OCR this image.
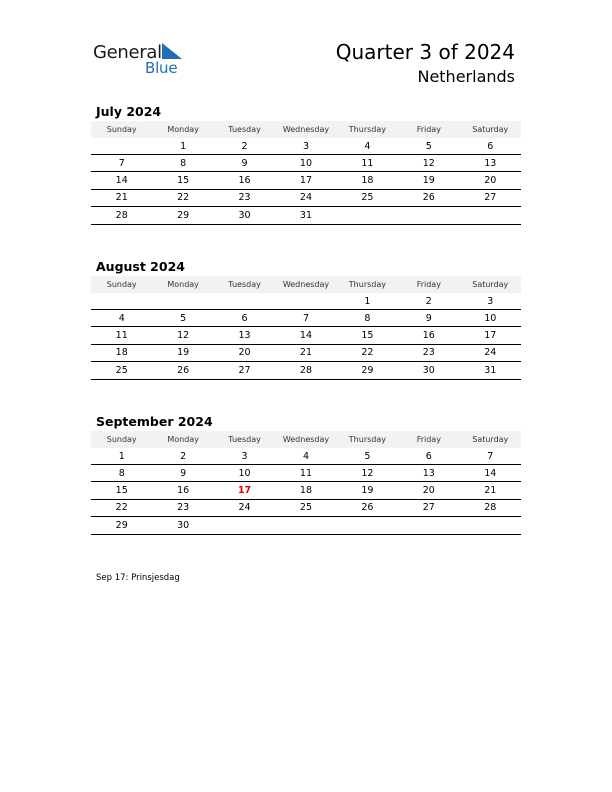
General
Blue
Quarter 3 of 2024
Netherlands
July 2024
Sunday	Monday	Tuesday	Wednesday	Thursday	Friday	Saturday
	1	2	3	4	5	6
7	8	9	10	11	12	13
14	15	16	17	18	19	20
21	22	23	24	25	26	27
28	29	30	31			
August 2024
Sunday	Monday	Tuesday	Wednesday	Thursday	Friday	Saturday
				1	2	3
4	5	6	7	8	9	10
11	12	13	14	15	16	17
18	19	20	21	22	23	24
25	26	27	28	29	30	31
September 2024
Sunday	Monday	Tuesday	Wednesday	Thursday	Friday	Saturday
1	2	3	4	5	6	7
8	9	10	11	12	13	14
15	16	17	18	19	20	21
22	23	24	25	26	27	28
29	30					
Sep 17: Prinsjesdag
